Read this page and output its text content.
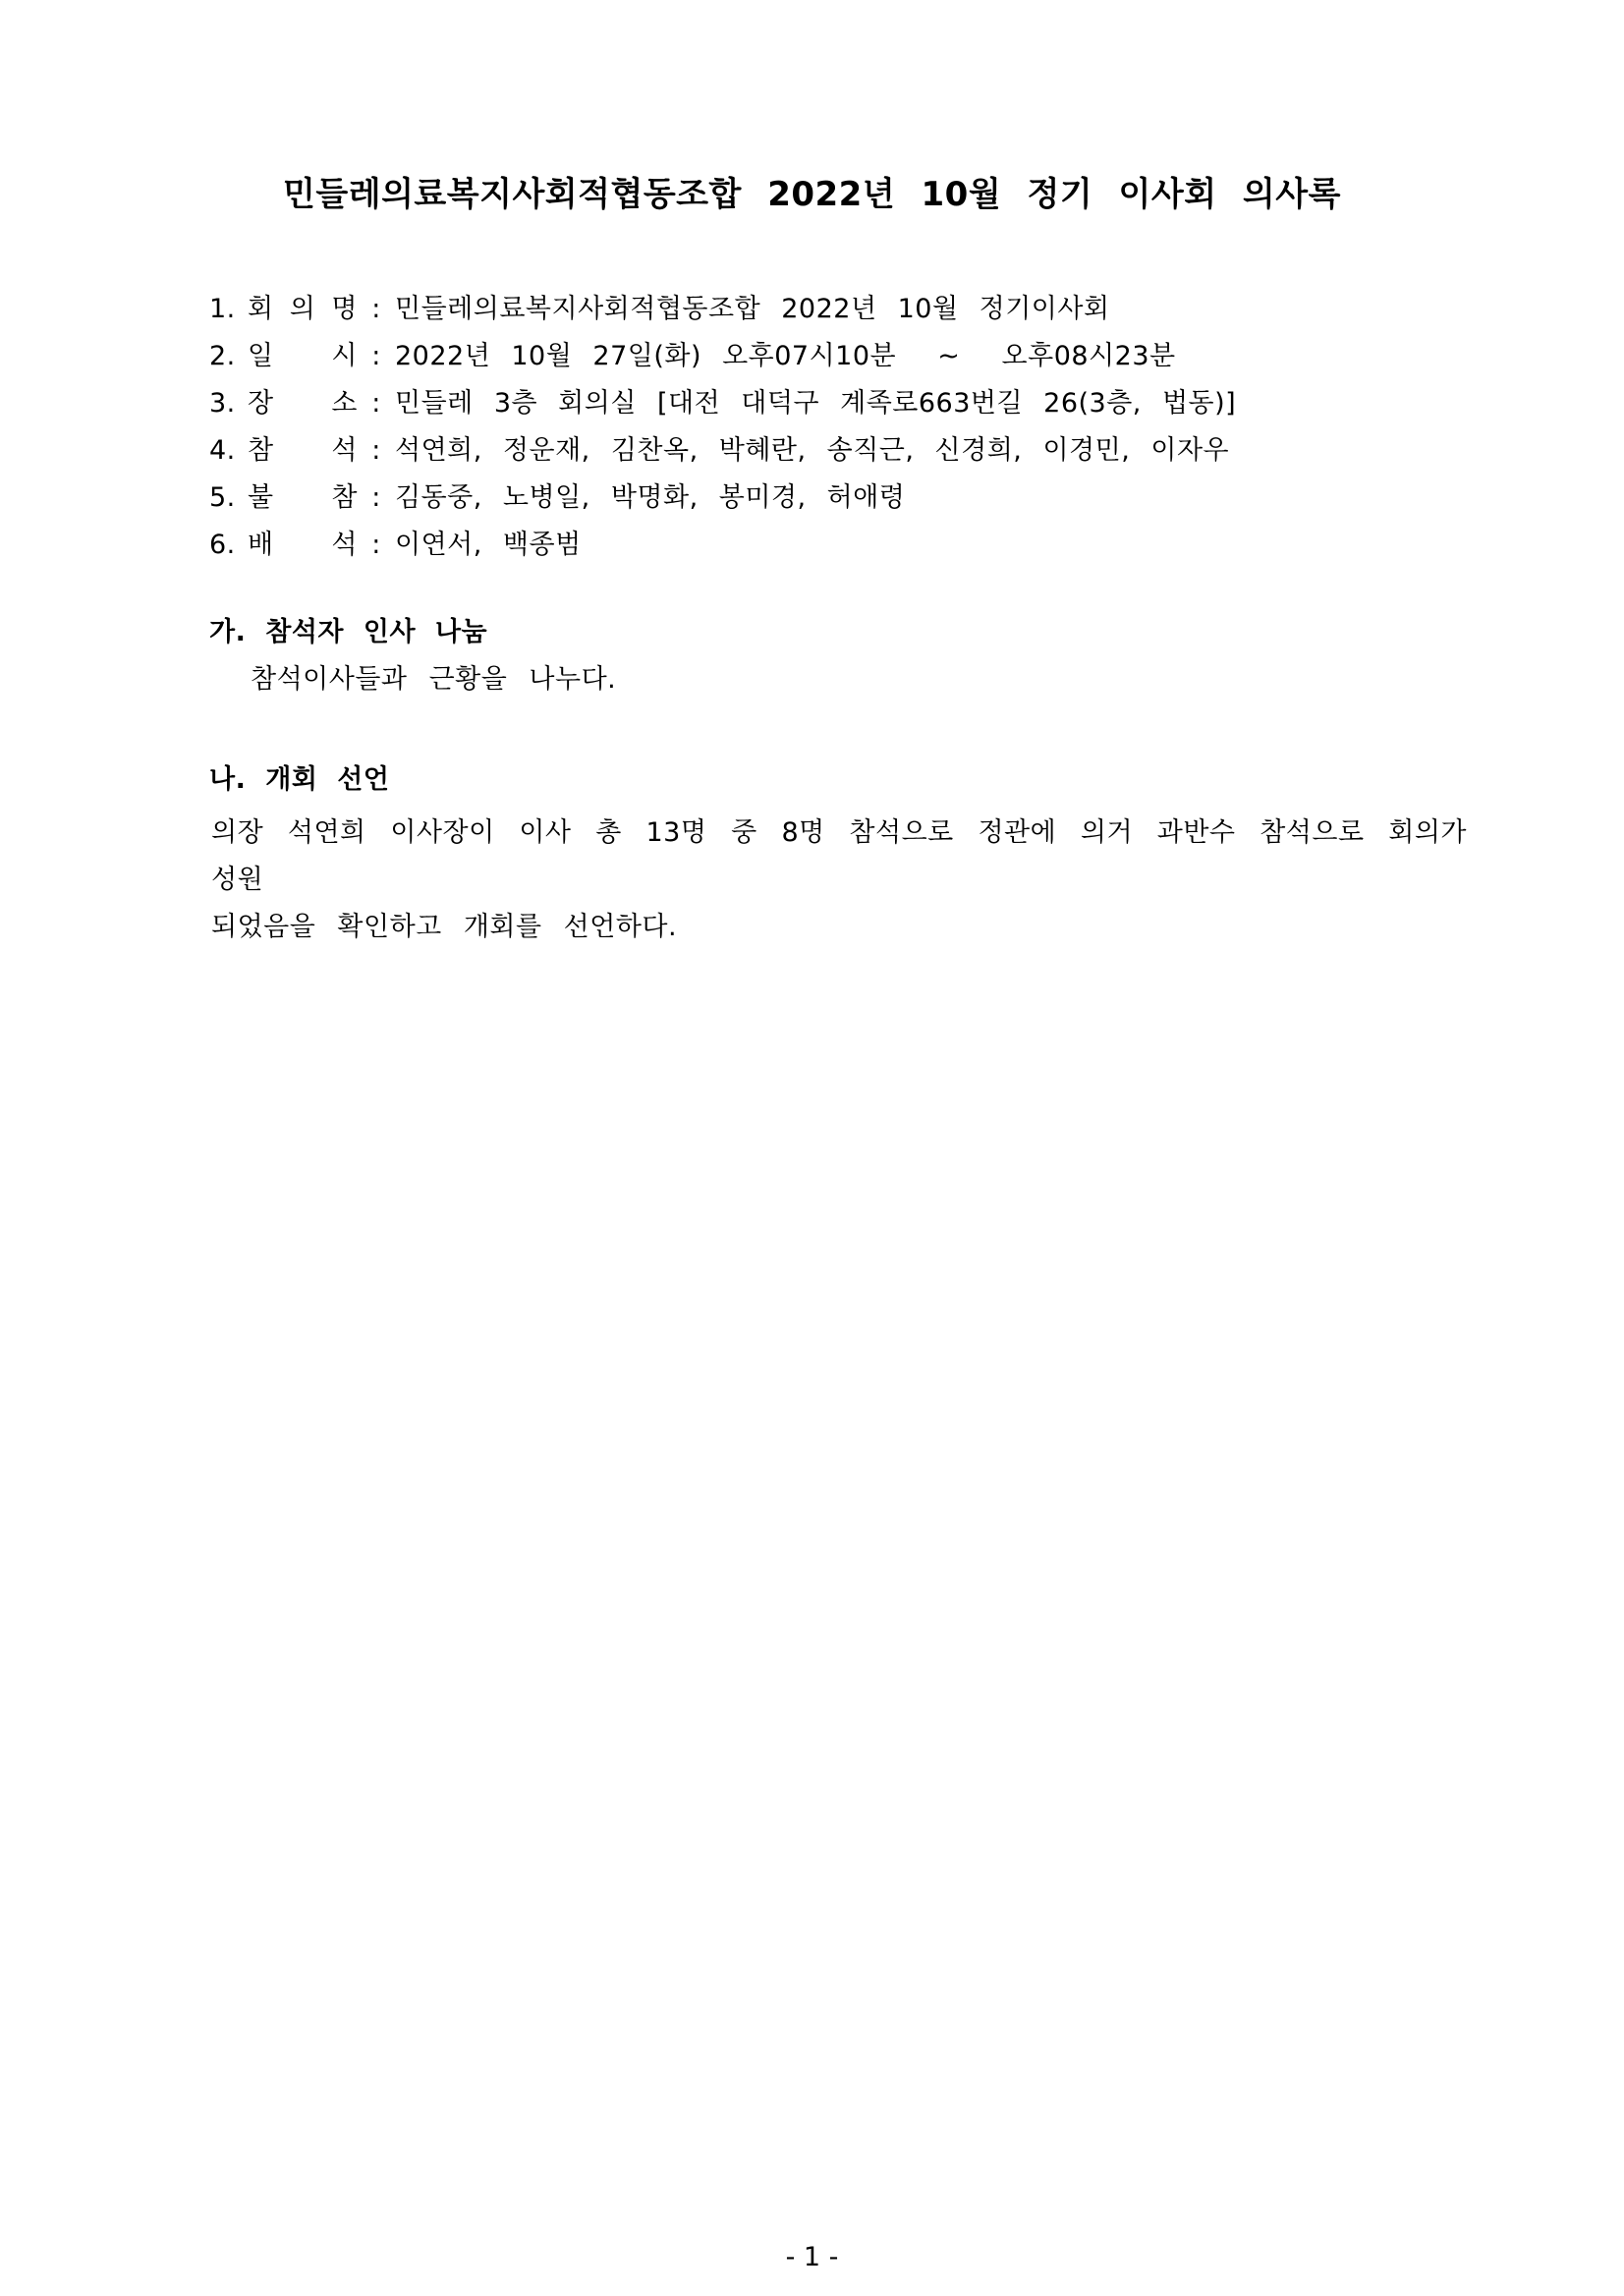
민들레의료복지사회적협동조합 2022년 10월 정기 이사회 의사록
1. 회 의 명 : 민들레의료복지사회적협동조합 2022년 10월 정기이사회
2. 일 시 : 2022년 10월 27일(화) 오후07시10분  ~  오후08시23분
3. 장 소 : 민들레 3층 회의실 [대전 대덕구 계족로663번길 26(3층, 법동)]
4. 참 석 : 석연희, 정운재, 김찬옥, 박혜란, 송직근, 신경희, 이경민, 이자우
5. 불 참 : 김동중, 노병일, 박명화, 봉미경, 허애령
6. 배 석 : 이연서, 백종범
가. 참석자 인사 나눔
참석이사들과 근황을 나누다.
나. 개회 선언
의장 석연희 이사장이 이사 총 13명 중 8명 참석으로 정관에 의거 과반수 참석으로 회의가 성원
되었음을 확인하고 개회를 선언하다.
- 1 -
